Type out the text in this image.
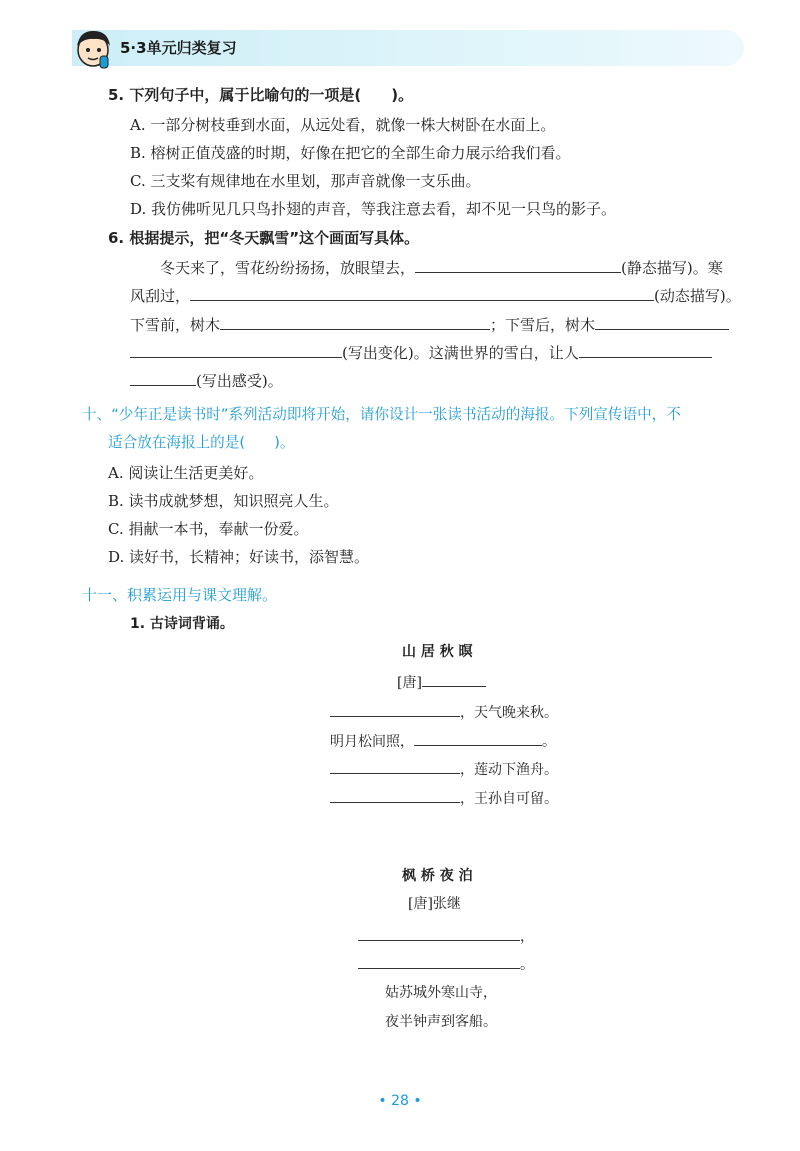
5·3单元归类复习
5. 下列句子中，属于比喻句的一项是(　　)。
A. 一部分树枝垂到水面，从远处看，就像一株大树卧在水面上。
B. 榕树正值茂盛的时期，好像在把它的全部生命力展示给我们看。
C. 三支桨有规律地在水里划，那声音就像一支乐曲。
D. 我仿佛听见几只鸟扑翅的声音，等我注意去看，却不见一只鸟的影子。
6. 根据提示，把“冬天飘雪”这个画面写具体。
冬天来了，雪花纷纷扬扬，放眼望去，	(静态描写)。寒
风刮过，	(动态描写)。
下雪前，树木	；下雪后，树木
(写出变化)。这满世界的雪白，让人
(写出感受)。
十、“少年正是读书时”系列活动即将开始，请你设计一张读书活动的海报。下列宣传语中，不
适合放在海报上的是(　　)。
A. 阅读让生活更美好。
B. 读书成就梦想，知识照亮人生。
C. 捐献一本书，奉献一份爱。
D. 读好书，长精神；好读书，添智慧。
十一、积累运用与课文理解。
1. 古诗词背诵。
山 居 秋 暝
[唐]
，天气晚来秋。
明月松间照，	。
，莲动下渔舟。
，王孙自可留。
枫 桥 夜 泊
[唐]张继
，
。
姑苏城外寒山寺，
夜半钟声到客船。
• 28 •
